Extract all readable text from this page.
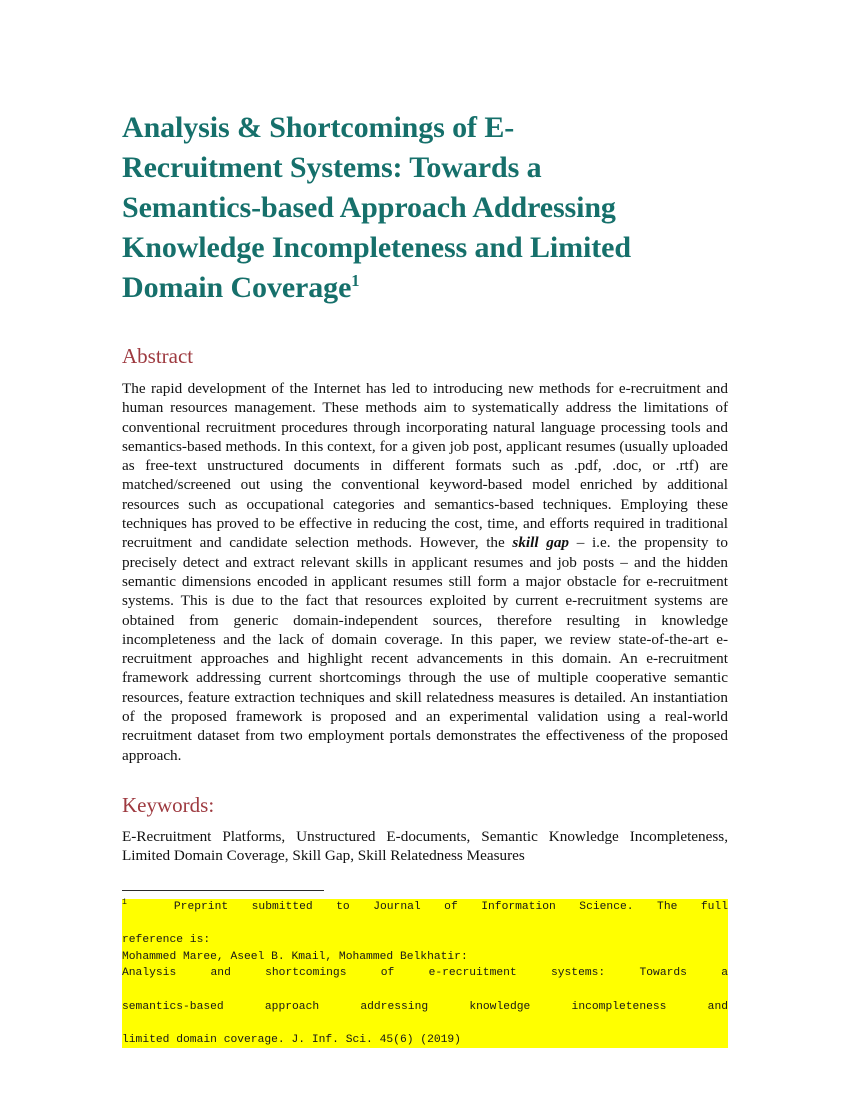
Analysis & Shortcomings of E-
Recruitment Systems: Towards a
Semantics-based Approach Addressing
Knowledge Incompleteness and Limited
Domain Coverage$^1$
Abstract

The rapid development of the Internet has led to introducing new methods for e-recruitment and human resources management. These methods aim to systematically address the limitations of conventional recruitment procedures through incorporating natural language processing tools and semantics-based methods. In this context, for a given job post, applicant resumes (usually uploaded as free-text unstructured documents in different formats such as .pdf, .doc, or .rtf) are matched/screened out using the conventional keyword-based model enriched by additional resources such as occupational categories and semantics-based techniques. Employing these techniques has proved to be effective in reducing the cost, time, and efforts required in traditional recruitment and candidate selection methods. However, the skill gap – i.e. the propensity to precisely detect and extract relevant skills in applicant resumes and job posts – and the hidden semantic dimensions encoded in applicant resumes still form a major obstacle for e-recruitment systems. This is due to the fact that resources exploited by current e-recruitment systems are obtained from generic domain-independent sources, therefore resulting in knowledge incompleteness and the lack of domain coverage. In this paper, we review state-of-the-art e-recruitment approaches and highlight recent advancements in this domain. An e-recruitment framework addressing current shortcomings through the use of multiple cooperative semantic resources, feature extraction techniques and skill relatedness measures is detailed. An instantiation of the proposed framework is proposed and an experimental validation using a real-world recruitment dataset from two employment portals demonstrates the effectiveness of the proposed approach.

Keywords:

E-Recruitment Platforms, Unstructured E-documents, Semantic Knowledge Incompleteness, Limited Domain Coverage, Skill Gap, Skill Relatedness Measures

$^1$	Preprint submitted to Journal of Information Science. The full
reference is:
Mohammed Maree, Aseel B. Kmail, Mohammed Belkhatir:
Analysis and shortcomings of e-recruitment systems: Towards a
semantics-based approach addressing knowledge incompleteness and
limited domain coverage. J. Inf. Sci. 45(6) (2019)
